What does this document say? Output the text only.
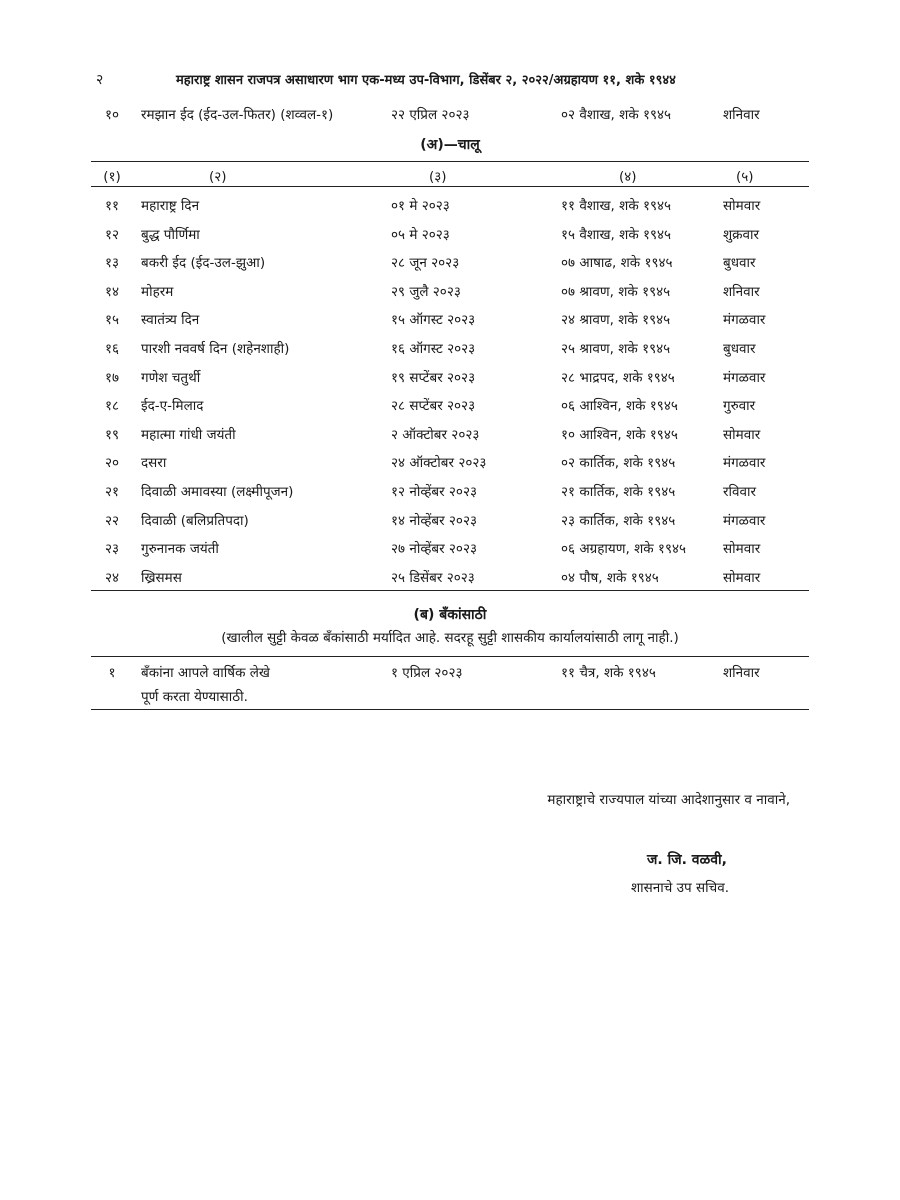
२	महाराष्ट्र शासन राजपत्र असाधारण भाग एक-मध्य उप-विभाग, डिसेंबर २, २०२२/अग्रहायण ११, शके १९४४
१०	रमझान ईद (ईद-उल-फितर) (शव्वल-१)	२२ एप्रिल २०२३	०२ वैशाख, शके १९४५	शनिवार
(अ)—चालू
(१)	(२)	(३)	(४)	(५)
११	महाराष्ट्र दिन	०१ मे २०२३	११ वैशाख, शके १९४५	सोमवार
१२	बुद्ध पौर्णिमा	०५ मे २०२३	१५ वैशाख, शके १९४५	शुक्रवार
१३	बकरी ईद (ईद-उल-झुआ)	२८ जून २०२३	०७ आषाढ, शके १९४५	बुधवार
१४	मोहरम	२९ जुलै २०२३	०७ श्रावण, शके १९४५	शनिवार
१५	स्वातंत्र्य दिन	१५ ऑगस्ट २०२३	२४ श्रावण, शके १९४५	मंगळवार
१६	पारशी नववर्ष दिन (शहेनशाही)	१६ ऑगस्ट २०२३	२५ श्रावण, शके १९४५	बुधवार
१७	गणेश चतुर्थी	१९ सप्टेंबर २०२३	२८ भाद्रपद, शके १९४५	मंगळवार
१८	ईद-ए-मिलाद	२८ सप्टेंबर २०२३	०६ आश्विन, शके १९४५	गुरुवार
१९	महात्मा गांधी जयंती	२ ऑक्टोबर २०२३	१० आश्विन, शके १९४५	सोमवार
२०	दसरा	२४ ऑक्टोबर २०२३	०२ कार्तिक, शके १९४५	मंगळवार
२१	दिवाळी अमावस्या (लक्ष्मीपूजन)	१२ नोव्हेंबर २०२३	२१ कार्तिक, शके १९४५	रविवार
२२	दिवाळी (बलिप्रतिपदा)	१४ नोव्हेंबर २०२३	२३ कार्तिक, शके १९४५	मंगळवार
२३	गुरुनानक जयंती	२७ नोव्हेंबर २०२३	०६ अग्रहायण, शके १९४५	सोमवार
२४	ख्रिसमस	२५ डिसेंबर २०२३	०४ पौष, शके १९४५	सोमवार
(ब) बँकांसाठी
(खालील सुट्टी केवळ बँकांसाठी मर्यादित आहे. सदरहू सुट्टी शासकीय कार्यालयांसाठी लागू नाही.)
१	बँकांना आपले वार्षिक लेखे	१ एप्रिल २०२३	११ चैत्र, शके १९४५	शनिवार
पूर्ण करता येण्यासाठी.
महाराष्ट्राचे राज्यपाल यांच्या आदेशानुसार व नावाने,
ज. जि. वळवी,
शासनाचे उप सचिव.
